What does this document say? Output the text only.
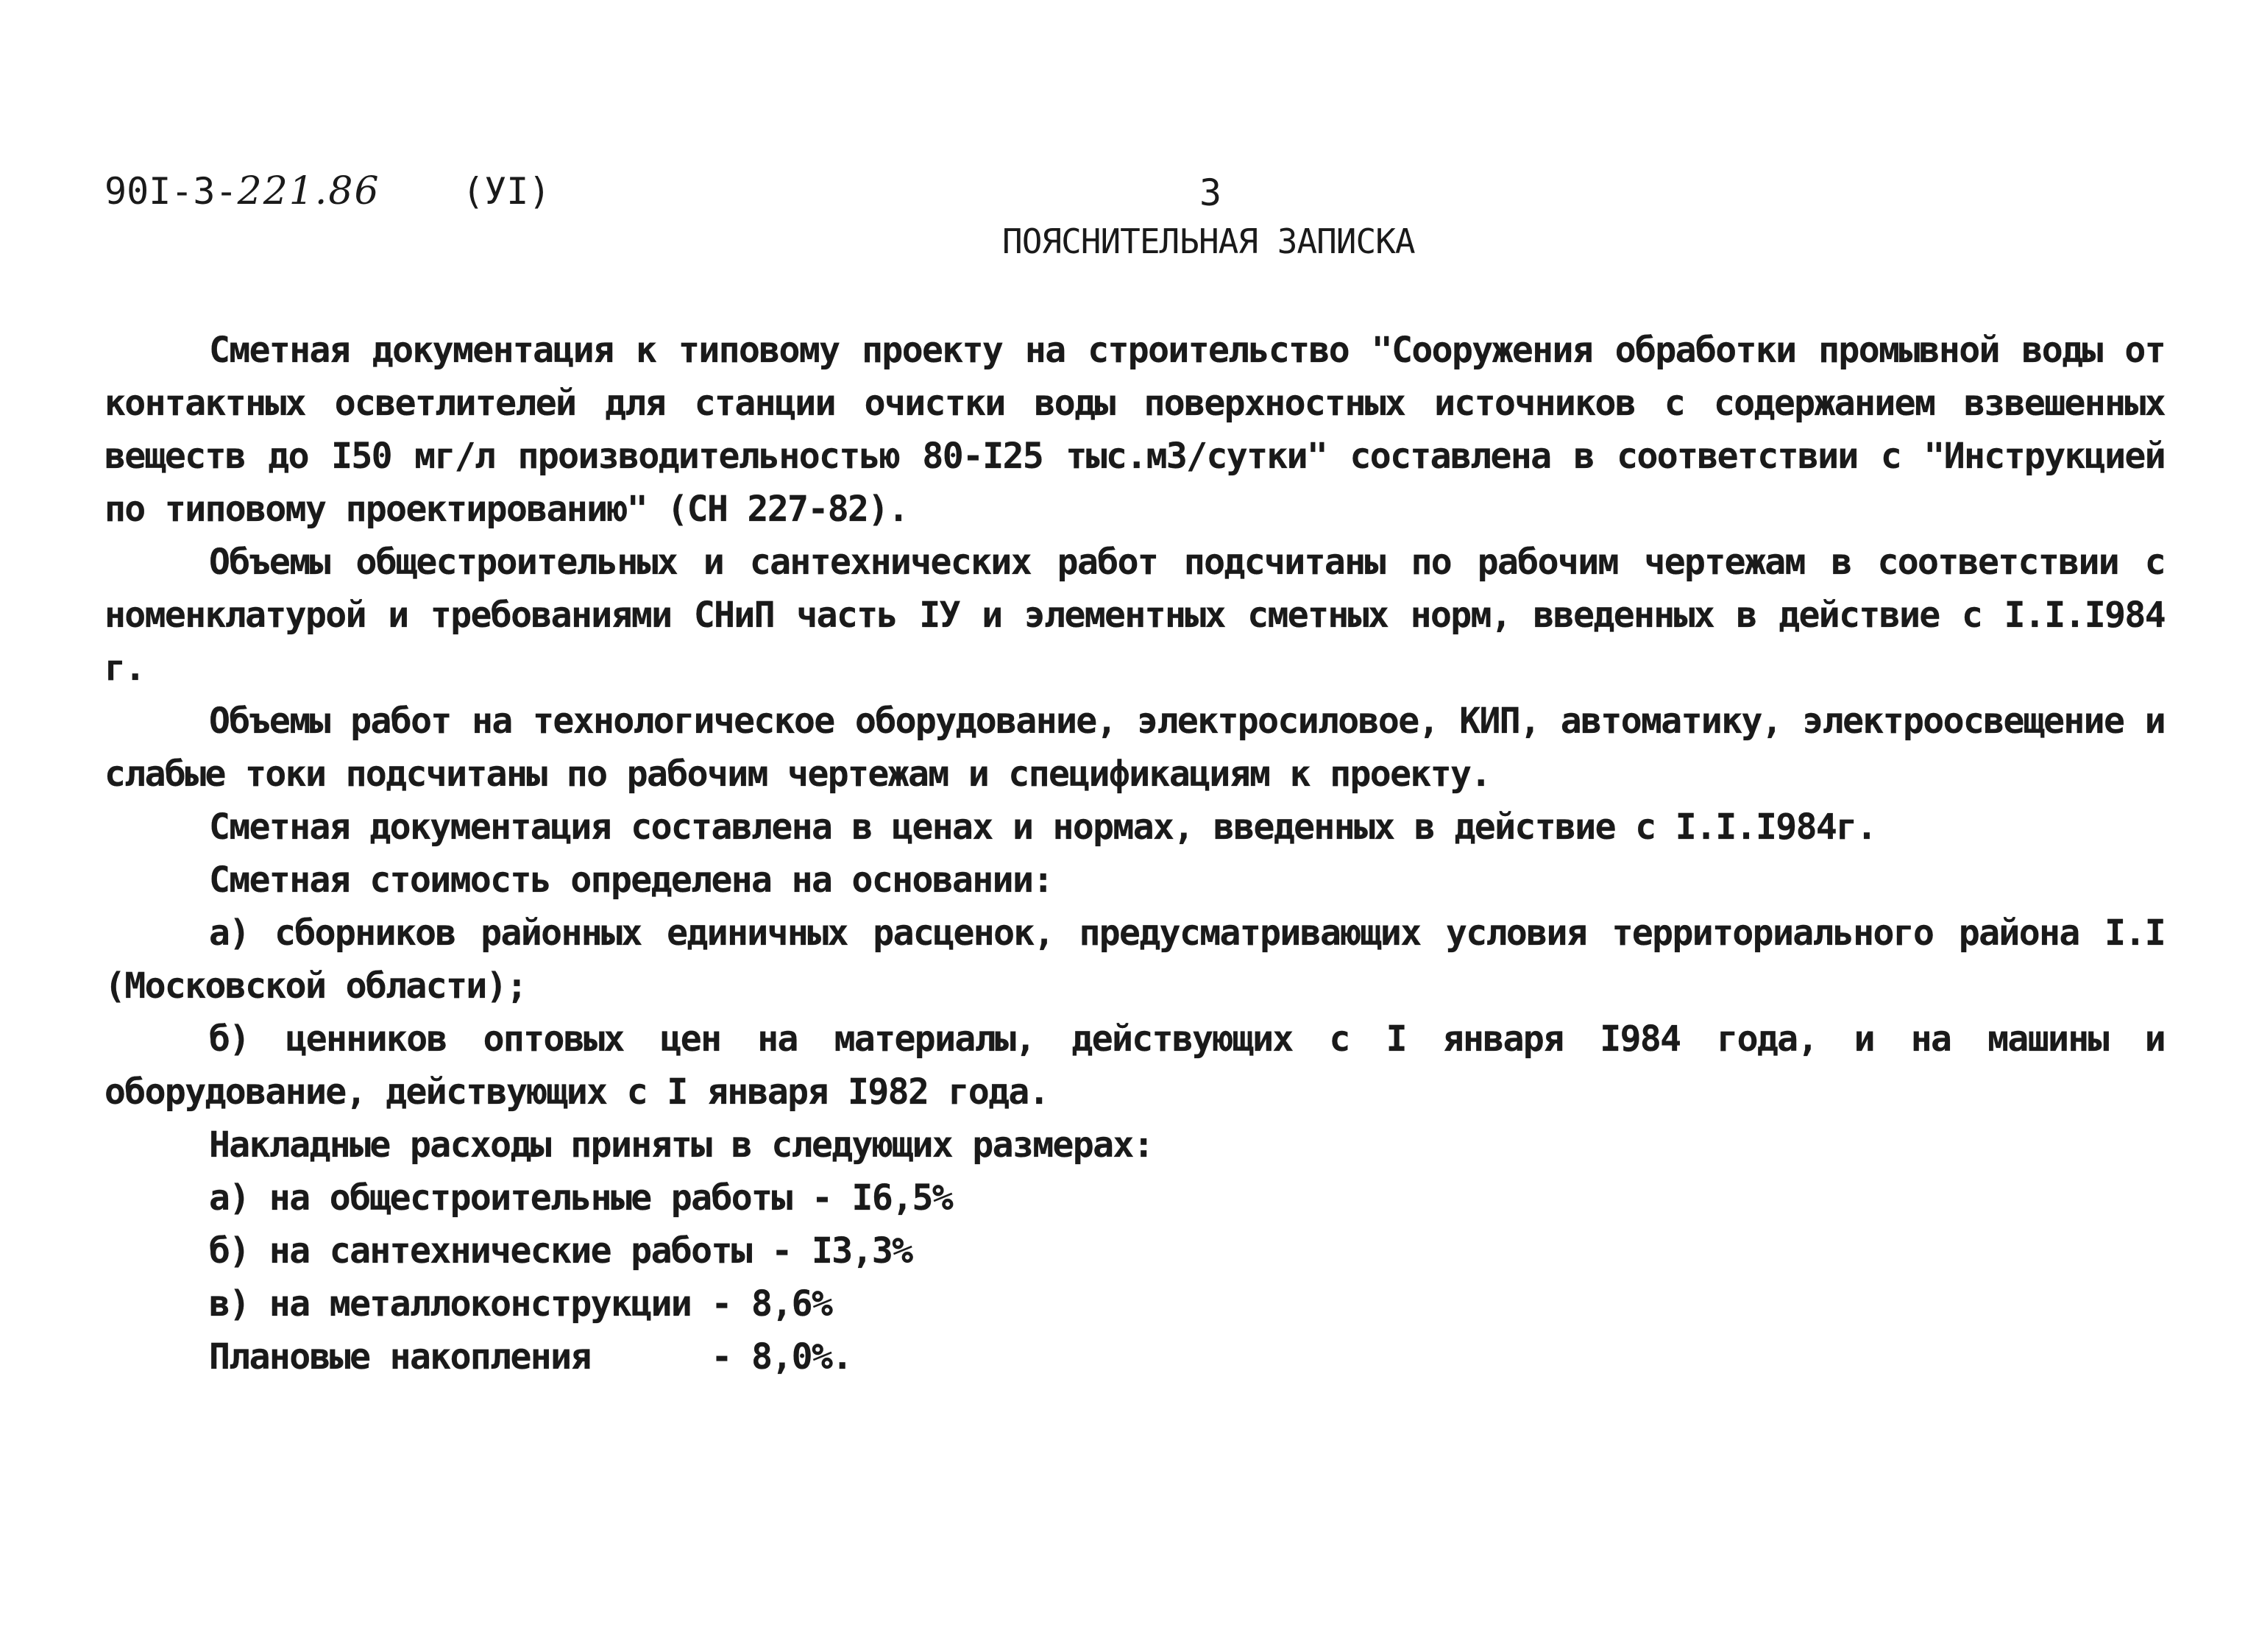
90I-3-221.86 (УI)	3
ПОЯСНИТЕЛЬНАЯ ЗАПИСКА

Сметная документация к типовому проекту на строительство "Сооружения обработки промывной воды от контактных осветлителей для станции очистки воды поверхностных источников с содержанием взвешенных веществ до I50 мг/л производительностью 80-I25 тыс.м3/сутки" составлена в соответствии с "Инструкцией по типовому проектированию" (СН 227-82).

Объемы общестроительных и сантехнических работ подсчитаны по рабочим чертежам в соответствии с номенклатурой и требованиями СНиП часть IУ и элементных сметных норм, введенных в действие с I.I.I984 г.

Объемы работ на технологическое оборудование, электросиловое, КИП, автоматику, электроосвещение и слабые токи подсчитаны по рабочим чертежам и спецификациям к проекту.

Сметная документация составлена в ценах и нормах, введенных в действие с I.I.I984г.

Сметная стоимость определена на основании:

а) сборников районных единичных расценок, предусматривающих условия территориального района I.I (Московской области);

б) ценников оптовых цен на материалы, действующих с I января I984 года, и на машины и оборудование, действующих с I января I982 года.

Накладные расходы приняты в следующих размерах:

а) на общестроительные работы - I6,5%

б) на сантехнические работы - I3,3%

в) на металлоконструкции - 8,6%

Плановые накопления	- 8,0%.
